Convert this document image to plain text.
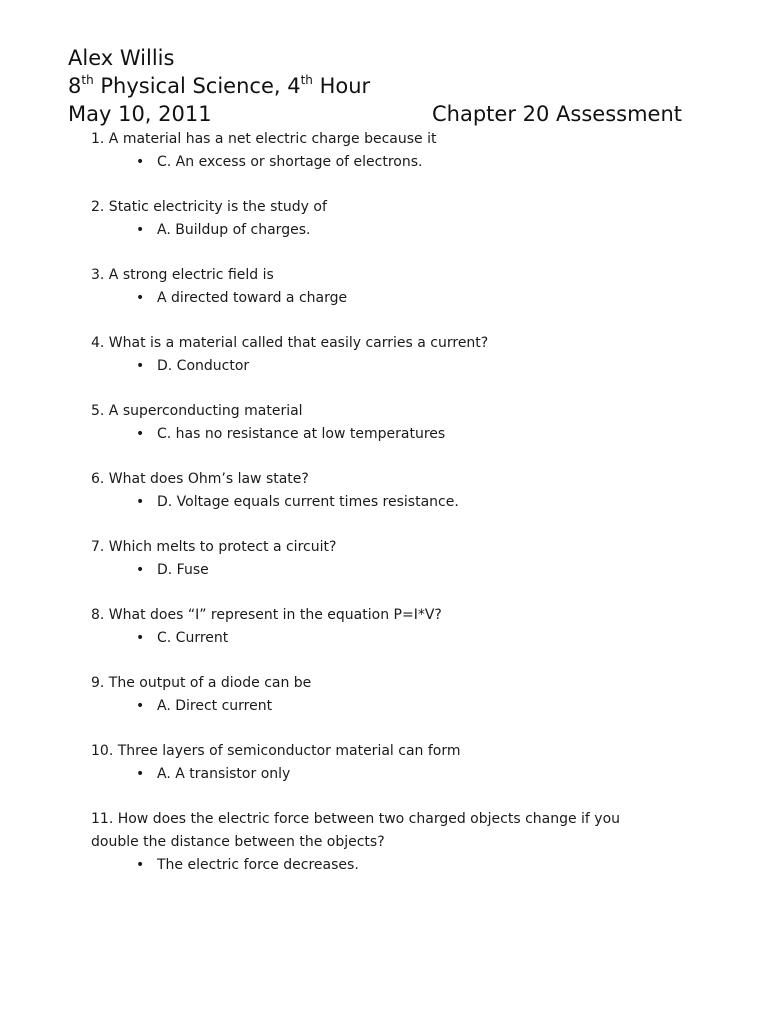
Alex Willis
8th Physical Science, 4th Hour
May 10, 2011	Chapter 20 Assessment
1. A material has a net electric charge because it
• C. An excess or shortage of electrons.
2. Static electricity is the study of
• A. Buildup of charges.
3. A strong electric field is
• A directed toward a charge
4. What is a material called that easily carries a current?
• D. Conductor
5. A superconducting material
• C. has no resistance at low temperatures
6. What does Ohm’s law state?
• D. Voltage equals current times resistance.
7. Which melts to protect a circuit?
• D. Fuse
8. What does “I” represent in the equation P=I*V?
• C. Current
9. The output of a diode can be
• A. Direct current
10. Three layers of semiconductor material can form
• A. A transistor only
11. How does the electric force between two charged objects change if you double the distance between the objects?
• The electric force decreases.
